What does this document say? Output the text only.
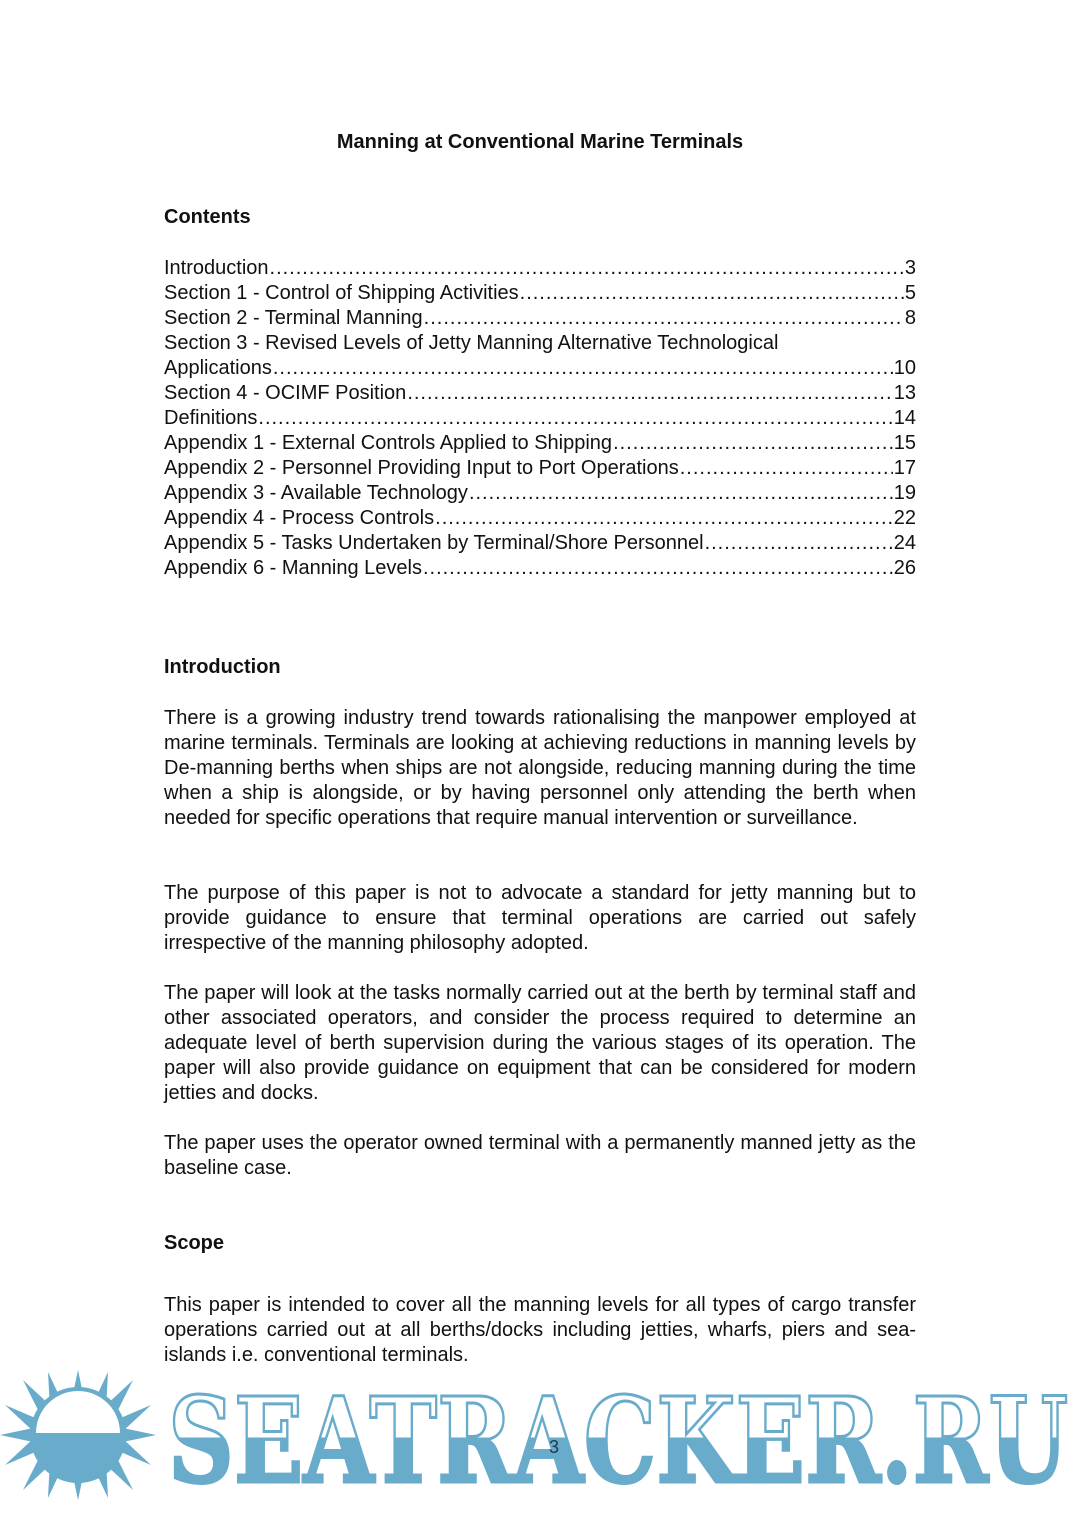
Manning at Conventional Marine Terminals
Contents
Introduction .....	3
Section 1 - Control of Shipping Activities .....	5
Section 2 - Terminal Manning .....	8
Section 3 - Revised Levels of Jetty Manning Alternative Technological
Applications .....	10
Section 4 - OCIMF Position .....	13
Definitions .....	14
Appendix 1 - External Controls Applied to Shipping .....	15
Appendix 2 - Personnel Providing Input to Port Operations .....	17
Appendix 3 - Available Technology .....	19
Appendix 4 - Process Controls .....	22
Appendix 5 - Tasks Undertaken by Terminal/Shore Personnel .....	24
Appendix 6 - Manning Levels .....	26
Introduction
There is a growing industry trend towards rationalising the manpower employed at marine terminals. Terminals are looking at achieving reductions in manning levels by De-manning berths when ships are not alongside, reducing manning during the time when a ship is alongside, or by having personnel only attending the berth when needed for specific operations that require manual intervention or surveillance.
The purpose of this paper is not to advocate a standard for jetty manning but to provide guidance to ensure that terminal operations are carried out safely irrespective of the manning philosophy adopted.
The paper will look at the tasks normally carried out at the berth by terminal staff and other associated operators, and consider the process required to determine an adequate level of berth supervision during the various stages of its operation. The paper will also provide guidance on equipment that can be considered for modern jetties and docks.
The paper uses the operator owned terminal with a permanently manned jetty as the baseline case.
Scope
This paper is intended to cover all the manning levels for all types of cargo transfer operations carried out at all berths/docks including jetties, wharfs, piers and sea-islands i.e. conventional terminals.
SEATRACKER.RU
3
